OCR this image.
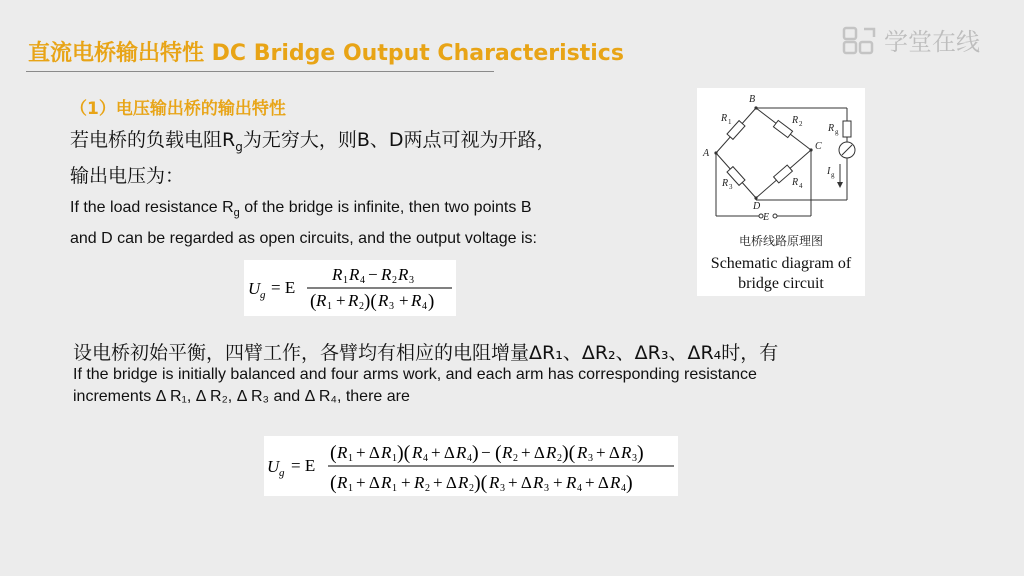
直流电桥输出特性 DC Bridge Output Characteristics	学堂在线
（1）电压输出桥的输出特性
若电桥的负载电阻$R_g$为无穷大，则B、D两点可视为开路，
输出电压为：
If the load resistance $R_g$ of the bridge is infinite, then two points B
and D can be regarded as open circuits, and the output voltage is:
U g = E
R 1 R 4 − R 2 R 3
( R 1 + R 2 )( R 3 + R 4 )
B
A
C
D
E
R 1	R 2
R 3	R 4
R g
I g
电桥线路原理图
Schematic diagram of
bridge circuit
设电桥初始平衡，四臂工作，各臂均有相应的电阻增量ΔR₁、ΔR₂、ΔR₃、ΔR₄时，有
If the bridge is initially balanced and four arms work, and each arm has corresponding resistance
increments Δ R₁, Δ R₂, Δ R₃ and Δ R₄, there are
U g = E
( R 1 + Δ R 1 )( R 4 + Δ R 4 ) − ( R 2 + Δ R 2 )( R 3 + Δ R 3 )
( R 1 + Δ R 1 + R 2 + Δ R 2 )( R 3 + Δ R 3 + R 4 + Δ R 4 )
